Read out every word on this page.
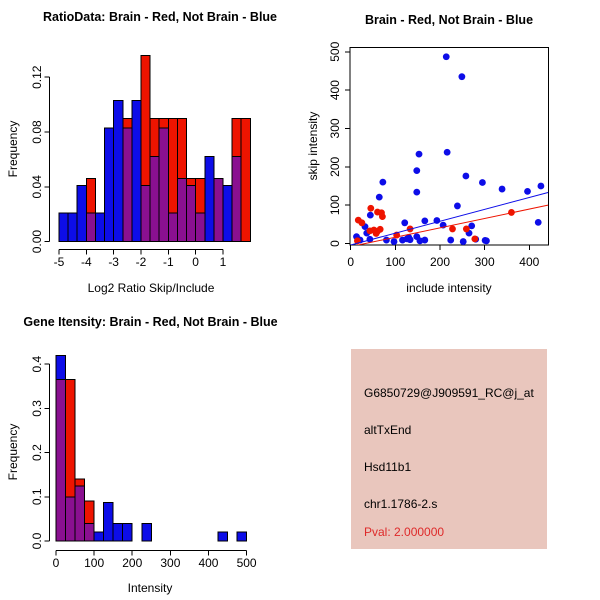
0.00
0.04
0.08
0.12
-5 -4 -3 -2 -1 0 1
RatioData: Brain - Red, Not Brain - Blue
Frequency
Log2 Ratio Skip/Include
0	100 200 300 400
0
100
200
300
400
500
Brain - Red, Not Brain - Blue
skip intensity
include intensity
0.0
0.1
0.2
0.3
0.4
0 100 200 300 400 500
Gene Itensity: Brain - Red, Not Brain - Blue
Frequency
Intensity
G6850729@J909591_RC@j_at
altTxEnd
Hsd11b1
chr1.1786-2.s
Pval: 2.000000
